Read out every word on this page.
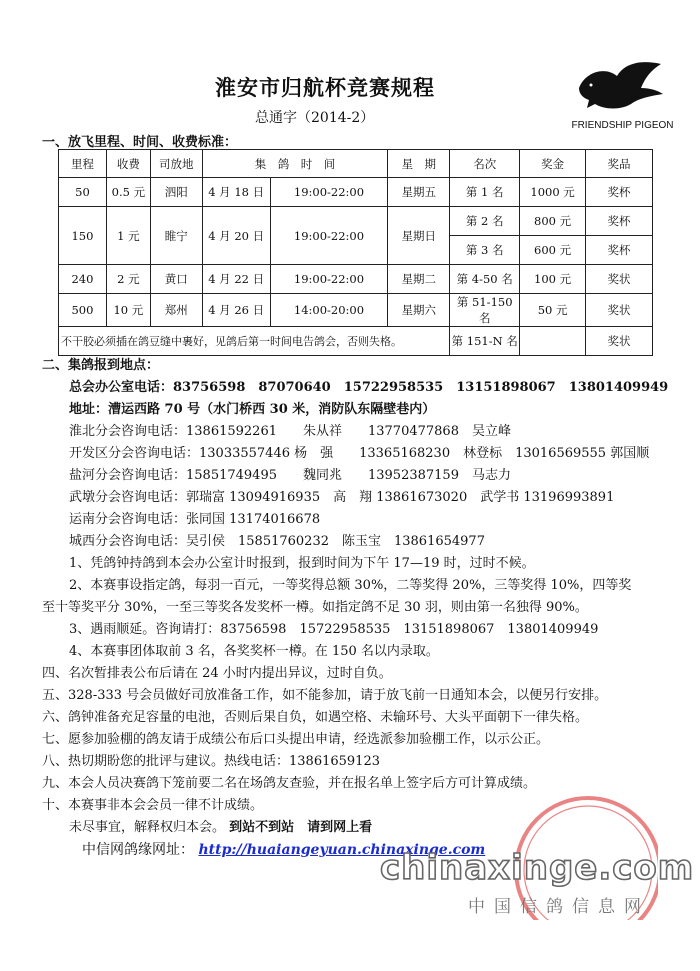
淮安市归航杯竞赛规程
总通字（2014-2）	FRIENDSHIP PIGEON
一、放飞里程、时间、收费标准：
里程	收费	司放地	集　鸽　时　间		星　期	名次	奖金	奖品
50	0.5 元	泗阳	4 月 18 日	19:00-22:00	星期五	第 1 名	1000 元	奖杯
150	1 元	睢宁	4 月 20 日	19:00-22:00	星期日	第 2 名	800 元	奖杯
						第 3 名	600 元	奖杯
240	2 元	黄口	4 月 22 日	19:00-22:00	星期二	第 4-50 名	100 元	奖状
500	10 元	郑州	4 月 26 日	14:00-20:00	星期六	第 51-150 名	50 元	奖状
不干胶必须插在鸽豆缝中裹好，见鸽后第一时间电告鸽会，否则失格。						第 151-N 名		奖状
二、集鸽报到地点：
总会办公室电话：83756598　87070640　15722958535　13151898067　13801409949
地址：漕运西路 70 号（水门桥西 30 米，消防队东隔壁巷内）
淮北分会咨询电话：13861592261　　朱从祥　　13770477868　吴立峰
开发区分会咨询电话：13033557446 杨　强　　13365168230　林登标　13016569555 郭国顺
盐河分会咨询电话：15851749495　　魏同兆　　13952387159　马志力
武墩分会咨询电话：郭瑞富 13094916935　高　翔 13861673020　武学书 13196993891
运南分会咨询电话：张同国 13174016678
城西分会咨询电话：吴引侯　15851760232　陈玉宝　13861654977
1、凭鸽钟持鸽到本会办公室计时报到，报到时间为下午 17—19 时，过时不候。
2、本赛事设指定鸽，每羽一百元，一等奖得总额 30%，二等奖得 20%，三等奖得 10%，四等奖
至十等奖平分 30%，一至三等奖各发奖杯一樽。如指定鸽不足 30 羽，则由第一名独得 90%。
3、遇雨顺延。咨询请打：83756598　15722958535　13151898067　13801409949
4、本赛事团体取前 3 名，各奖奖杯一樽。在 150 名以内录取。
四、名次暂排表公布后请在 24 小时内提出异议，过时自负。
五、328-333 号会员做好司放准备工作，如不能参加，请于放飞前一日通知本会，以便另行安排。
六、鸽钟准备充足容量的电池，否则后果自负，如遇空格、未输环号、大头平面朝下一律失格。
七、愿参加验棚的鸽友请于成绩公布后口头提出申请，经选派参加验棚工作，以示公正。
八、热切期盼您的批评与建议。热线电话：13861659123
九、本会人员决赛鸽下笼前要二名在场鸽友查验，并在报名单上签字后方可计算成绩。
十、本赛事非本会会员一律不计成绩。
未尽事宜，解释权归本会。 到站不到站　请到网上看
中信网鸽缘网址： http://huaiangeyuan.chinaxinge.com
chinaxinge.com
中国信鸽信息网
